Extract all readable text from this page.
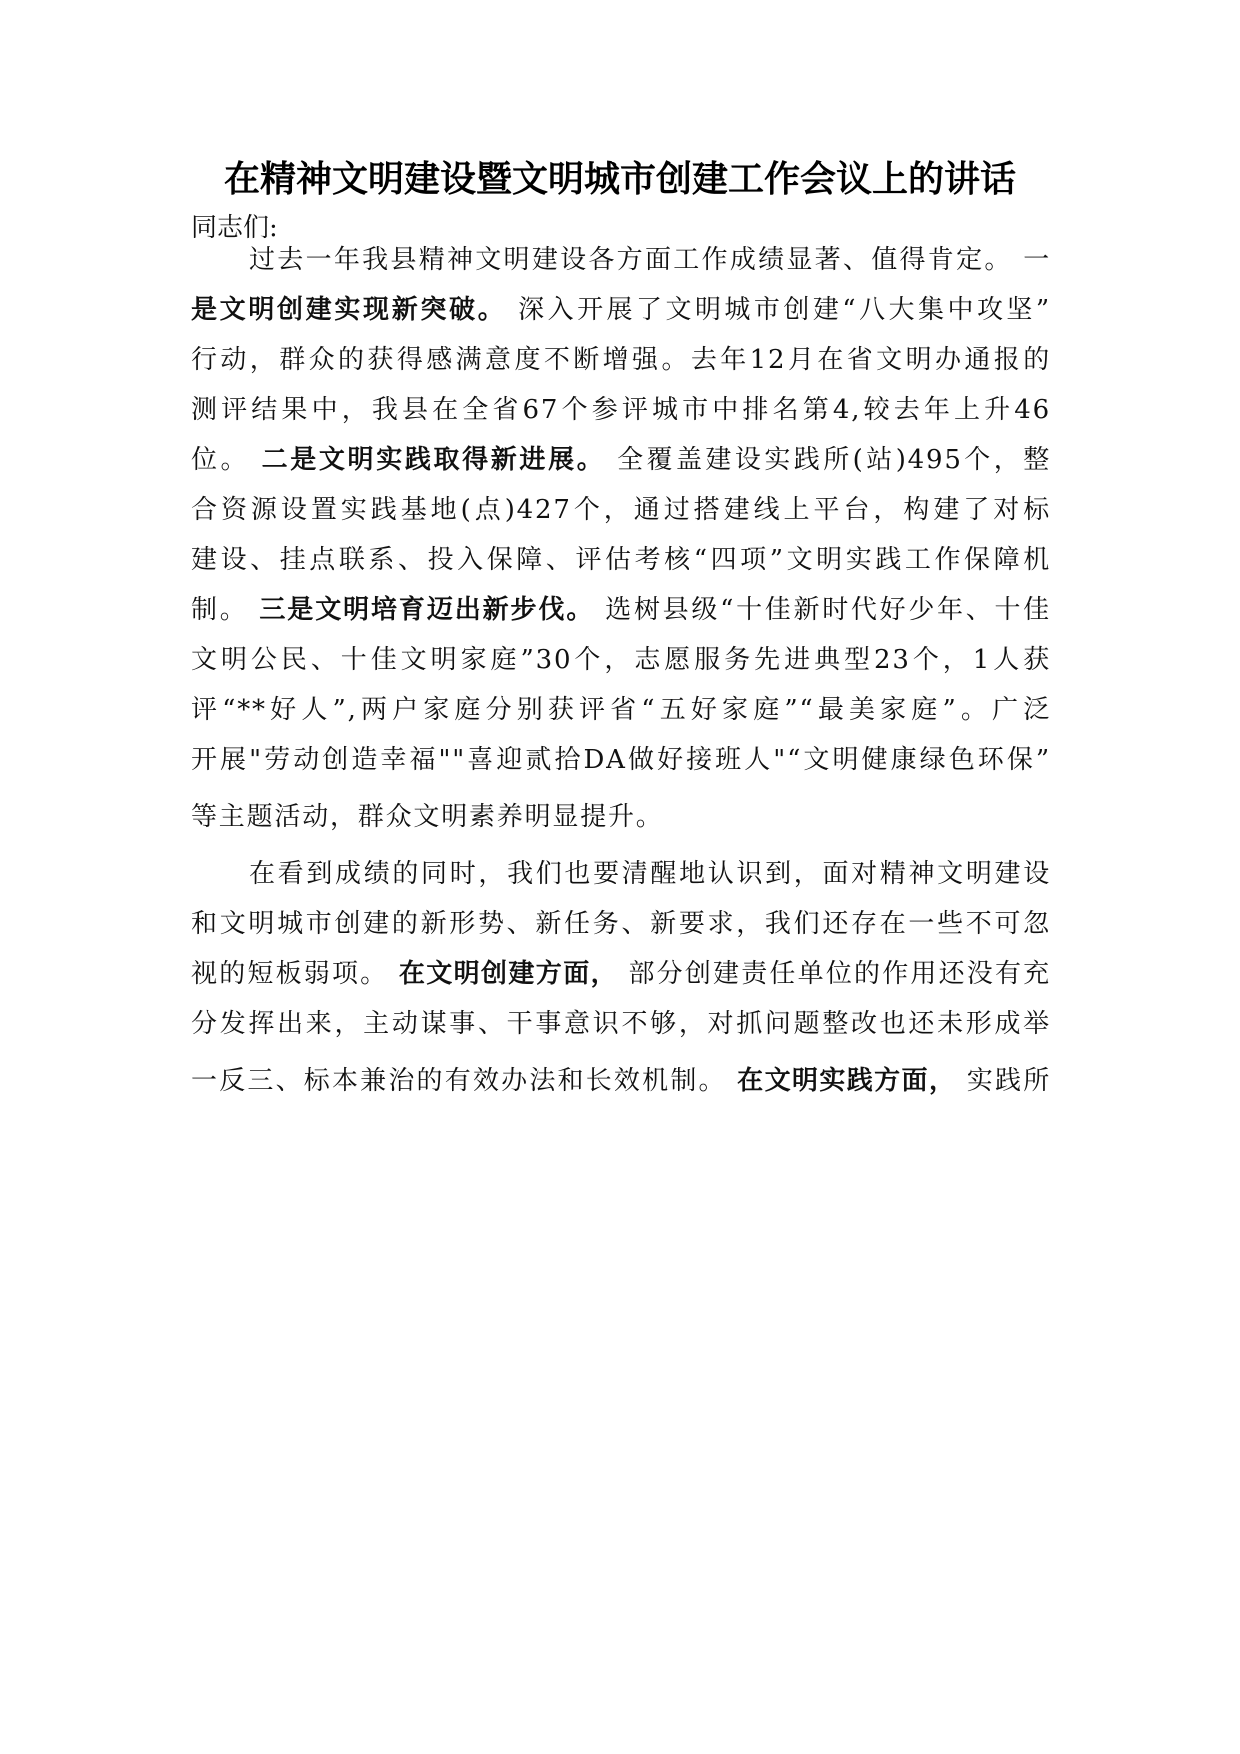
在精神文明建设暨文明城市创建工作会议上的讲话

同志们:

过去一年我县精神文明建设各方面工作成绩显著、值得肯定。 一

是文明创建实现新突破。 深入开展了文明城市创建“八大集中攻坚”

行动，群众的获得感满意度不断增强。去年12月在省文明办通报的

测评结果中，我县在全省67个参评城市中排名第4,较去年上升46

位。 二是文明实践取得新进展。 全覆盖建设实践所(站)495个，整

合资源设置实践基地(点)427个，通过搭建线上平台，构建了对标

建设、挂点联系、投入保障、评估考核“四项”文明实践工作保障机

制。 三是文明培育迈出新步伐。 选树县级“十佳新时代好少年、十佳

文明公民、十佳文明家庭”30个，志愿服务先进典型23个，1人获

评“**好人”,两户家庭分别获评省“五好家庭”“最美家庭”。广泛

开展"劳动创造幸福""喜迎贰拾DA做好接班人"“文明健康绿色环保”

等主题活动，群众文明素养明显提升。

在看到成绩的同时，我们也要清醒地认识到，面对精神文明建设

和文明城市创建的新形势、新任务、新要求，我们还存在一些不可忽

视的短板弱项。 在文明创建方面， 部分创建责任单位的作用还没有充

分发挥出来，主动谋事、干事意识不够，对抓问题整改也还未形成举

一反三、标本兼治的有效办法和长效机制。 在文明实践方面， 实践所
